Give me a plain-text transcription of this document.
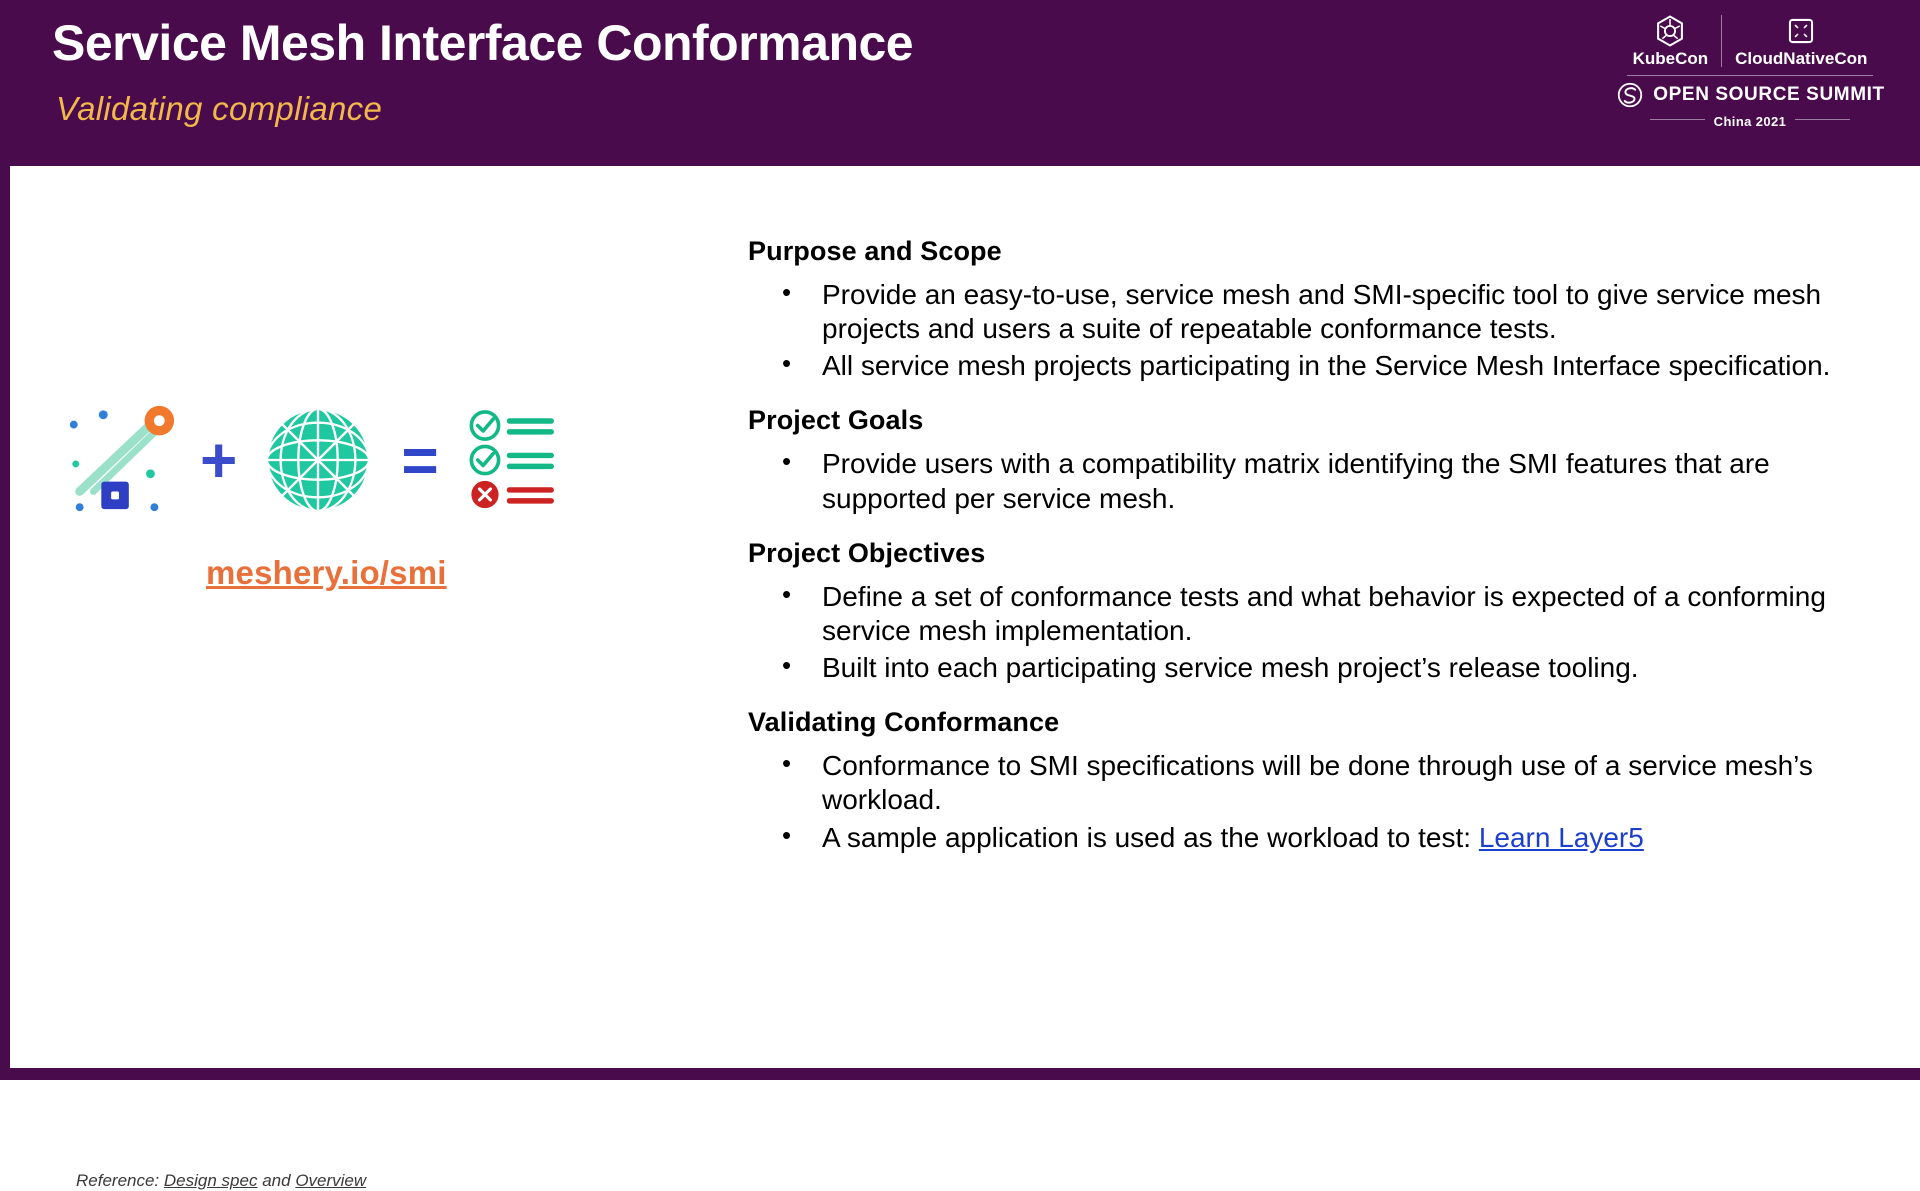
Service Mesh Interface Conformance
Validating compliance
KubeCon CloudNativeCon
OPEN SOURCE SUMMIT
China 2021
+	=
meshery.io/smi
Reference: Design spec and Overview
Purpose and Scope
• Provide an easy-to-use, service mesh and SMI-specific tool to give service mesh projects and users a suite of repeatable conformance tests.
• All service mesh projects participating in the Service Mesh Interface specification.
Project Goals
• Provide users with a compatibility matrix identifying the SMI features that are supported per service mesh.
Project Objectives
• Define a set of conformance tests and what behavior is expected of a conforming service mesh implementation.
• Built into each participating service mesh project’s release tooling.
Validating Conformance
• Conformance to SMI specifications will be done through use of a service mesh’s workload.
• A sample application is used as the workload to test: Learn Layer5
